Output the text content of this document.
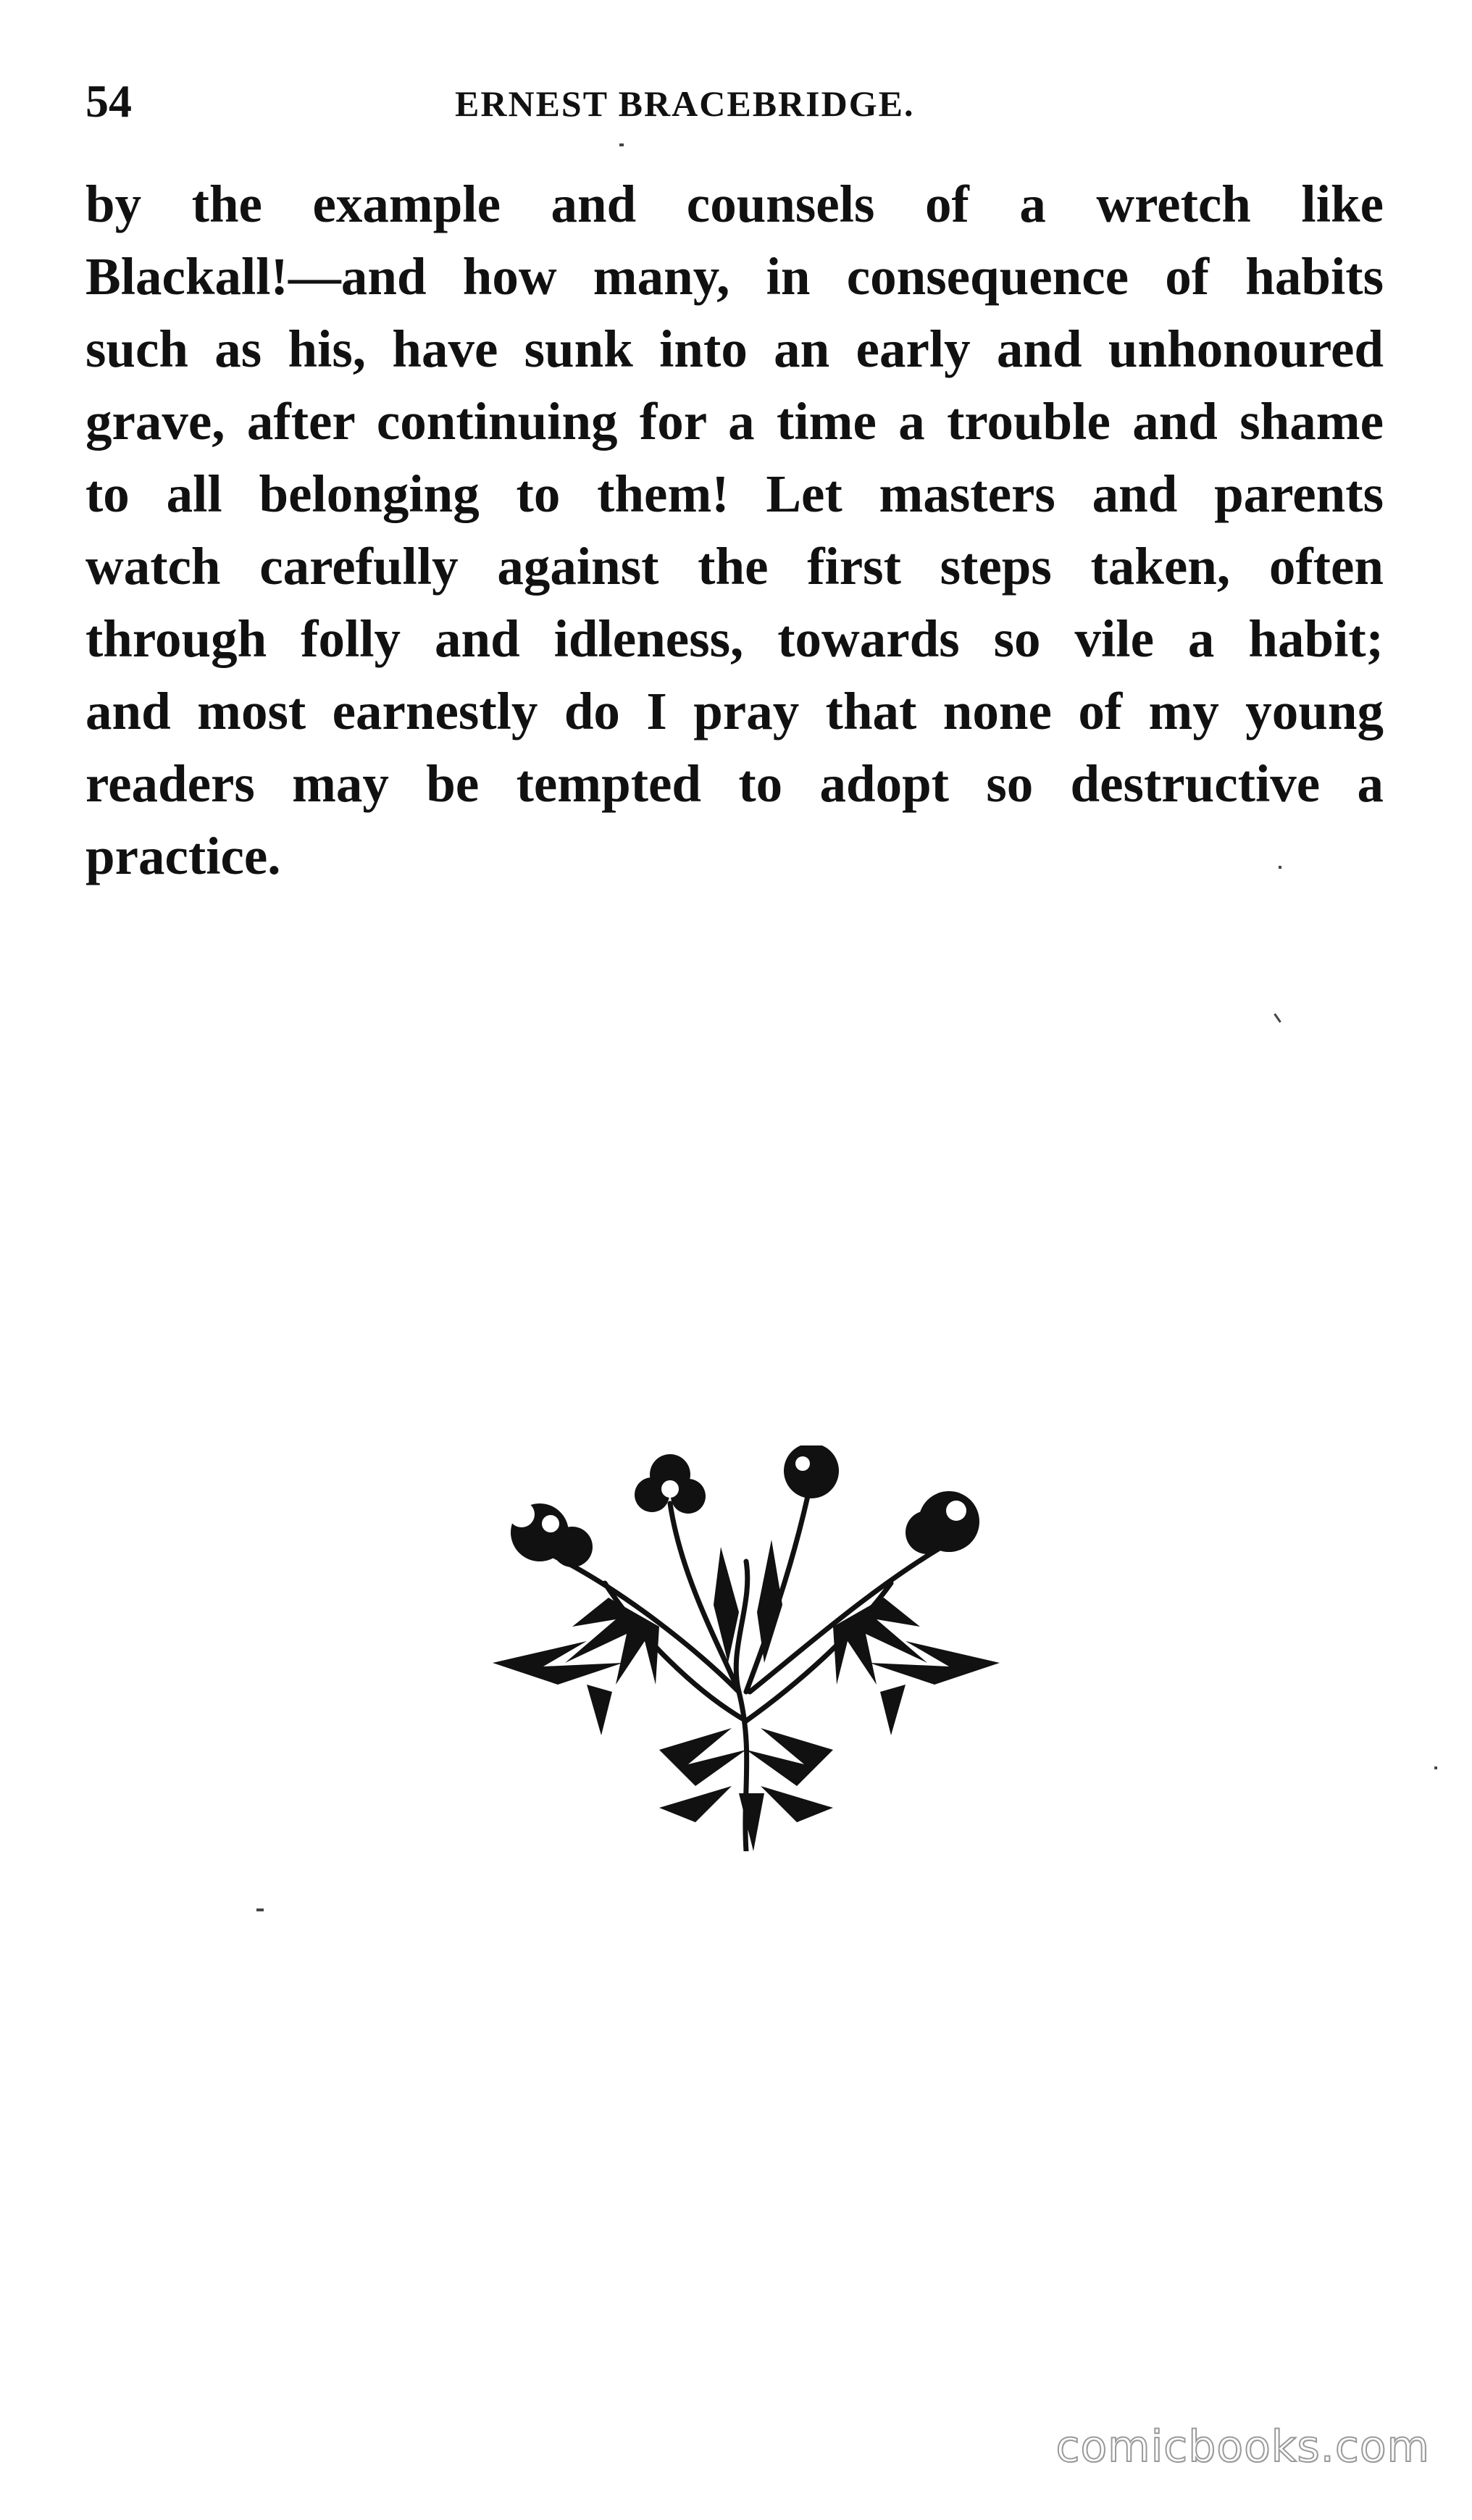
54	ERNEST BRACEBRIDGE.
by the example and counsels of a wretch like
Blackall!—and how many, in consequence of habits
such as his, have sunk into an early and unhonoured
grave, after continuing for a time a trouble and shame
to all belonging to them! Let masters and parents
watch carefully against the first steps taken, often
through folly and idleness, towards so vile a habit;
and most earnestly do I pray that none of my young
readers may be tempted to adopt so destructive a
practice.
comicbooks.com
